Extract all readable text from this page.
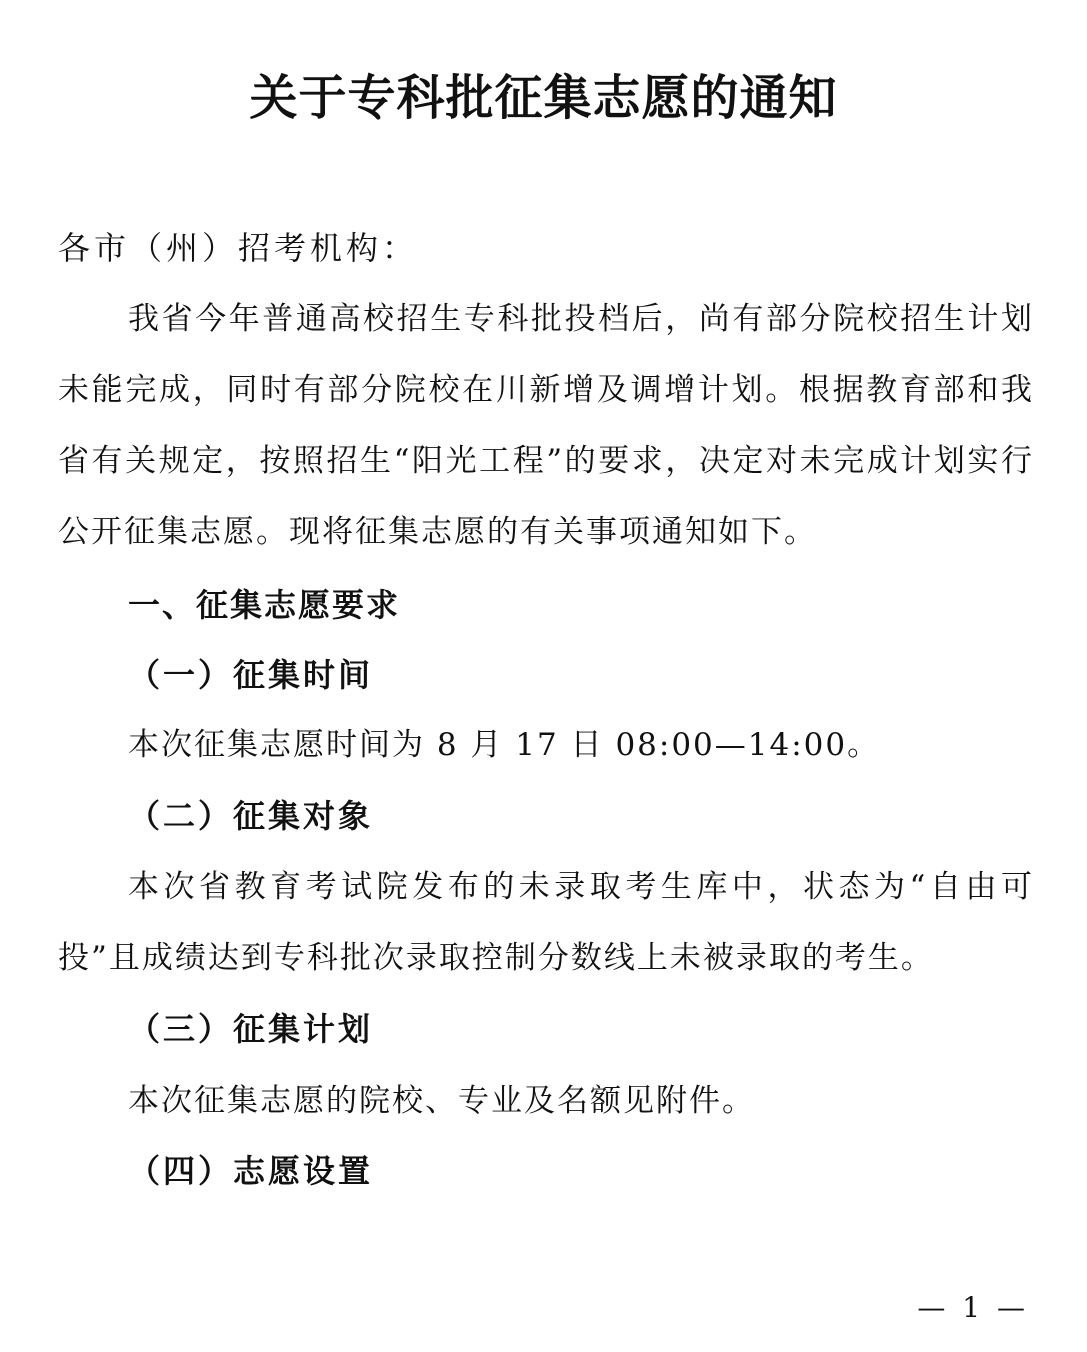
关于专科批征集志愿的通知

各市（州）招考机构：

我省今年普通高校招生专科批投档后，尚有部分院校招生计划未能完成，同时有部分院校在川新增及调增计划。根据教育部和我省有关规定，按照招生“阳光工程”的要求，决定对未完成计划实行公开征集志愿。现将征集志愿的有关事项通知如下。

一、征集志愿要求
（一）征集时间

本次征集志愿时间为 8 月 17 日 08:00—14:00。

（二）征集对象

本次省教育考试院发布的未录取考生库中，状态为“自由可投”且成绩达到专科批次录取控制分数线上未被录取的考生。

（三）征集计划

本次征集志愿的院校、专业及名额见附件。

（四）志愿设置
— 1 —
